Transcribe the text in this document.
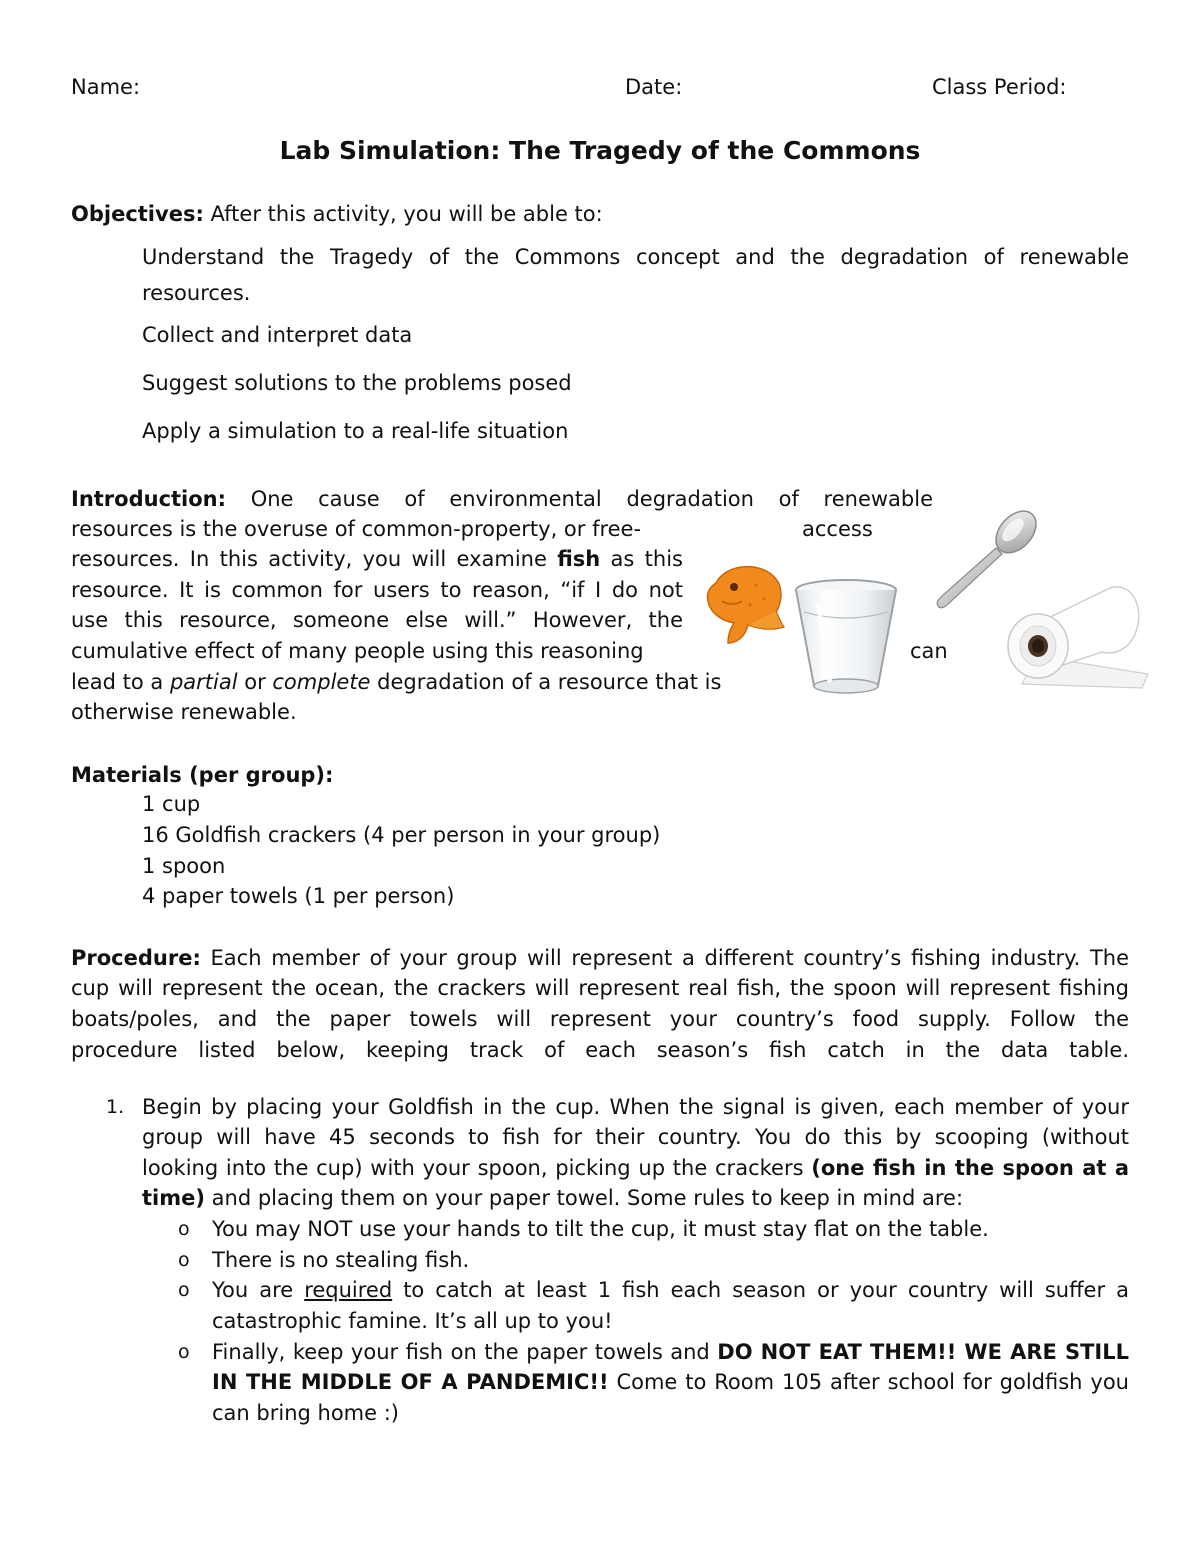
Name:	Date:	Class Period:
Lab Simulation: The Tragedy of the Commons
Objectives: After this activity, you will be able to:
Understand the Tragedy of the Commons concept and the degradation of renewable
resources.
Collect and interpret data
Suggest solutions to the problems posed
Apply a simulation to a real-life situation
Introduction: One cause of environmental degradation of renewable
resources is the overuse of common-property, or free-	access
resources. In this activity, you will examine fish as this
resource. It is common for users to reason, “if I do not
use this resource, someone else will.” However, the
cumulative effect of many people using this reasoning	can
lead to a partial or complete degradation of a resource that is
otherwise renewable.
Materials (per group):
1 cup
16 Goldfish crackers (4 per person in your group)
1 spoon
4 paper towels (1 per person)
Procedure: Each member of your group will represent a different country’s fishing industry. The
cup will represent the ocean, the crackers will represent real fish, the spoon will represent fishing
boats/poles, and the paper towels will represent your country’s food supply. Follow the
procedure listed below, keeping track of each season’s fish catch in the data table.
1. Begin by placing your Goldfish in the cup. When the signal is given, each member of your
group will have 45 seconds to fish for their country. You do this by scooping (without
looking into the cup) with your spoon, picking up the crackers (one fish in the spoon at a
time) and placing them on your paper towel. Some rules to keep in mind are:
o You may NOT use your hands to tilt the cup, it must stay flat on the table.
o There is no stealing fish.
o You are required to catch at least 1 fish each season or your country will suffer a
catastrophic famine. It’s all up to you!
o Finally, keep your fish on the paper towels and DO NOT EAT THEM!! WE ARE STILL
IN THE MIDDLE OF A PANDEMIC!! Come to Room 105 after school for goldfish you
can bring home :)
